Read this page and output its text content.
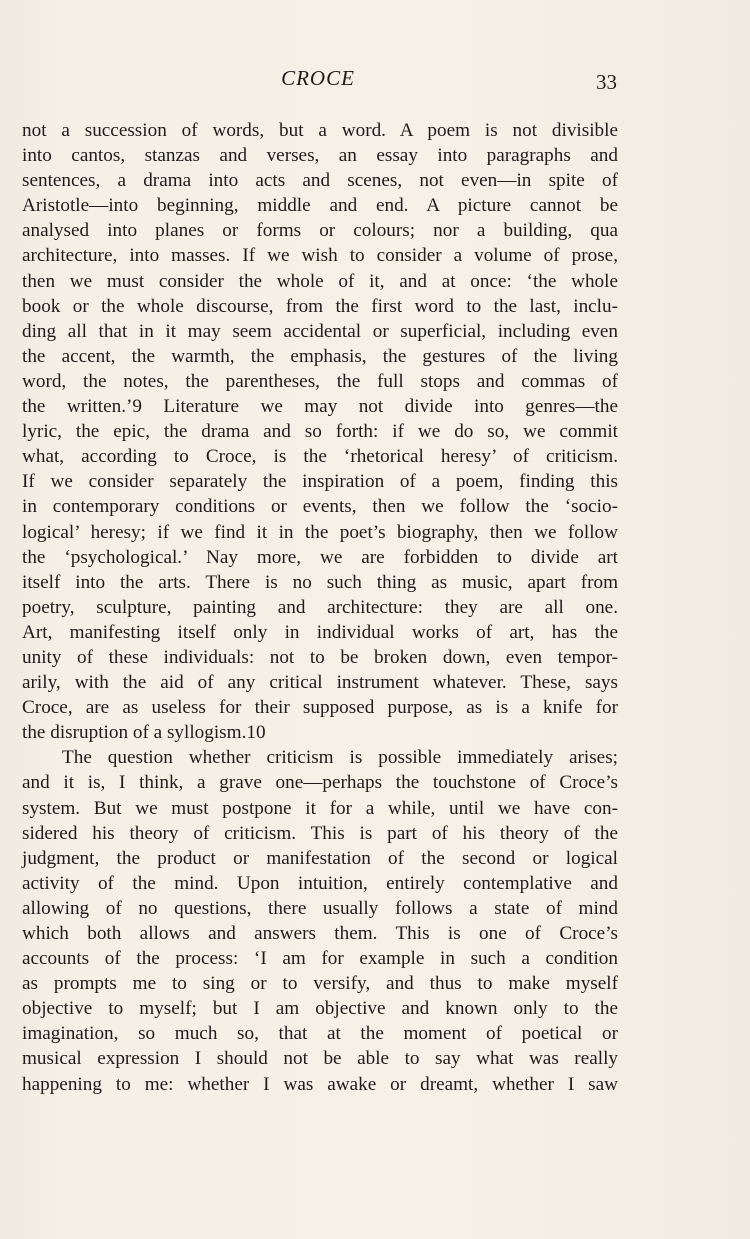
CROCE	33
not a succession of words, but a word. A poem is not divisible
into cantos, stanzas and verses, an essay into paragraphs and
sentences, a drama into acts and scenes, not even—in spite of
Aristotle—into beginning, middle and end. A picture cannot be
analysed into planes or forms or colours; nor a building, qua
architecture, into masses. If we wish to consider a volume of prose,
then we must consider the whole of it, and at once: ‘the whole
book or the whole discourse, from the first word to the last, inclu-
ding all that in it may seem accidental or superficial, including even
the accent, the warmth, the emphasis, the gestures of the living
word, the notes, the parentheses, the full stops and commas of
the written.’9 Literature we may not divide into genres—the
lyric, the epic, the drama and so forth: if we do so, we commit
what, according to Croce, is the ‘rhetorical heresy’ of criticism.
If we consider separately the inspiration of a poem, finding this
in contemporary conditions or events, then we follow the ‘socio-
logical’ heresy; if we find it in the poet’s biography, then we follow
the ‘psychological.’ Nay more, we are forbidden to divide art
itself into the arts. There is no such thing as music, apart from
poetry, sculpture, painting and architecture: they are all one.
Art, manifesting itself only in individual works of art, has the
unity of these individuals: not to be broken down, even tempor-
arily, with the aid of any critical instrument whatever. These, says
Croce, are as useless for their supposed purpose, as is a knife for
the disruption of a syllogism.10
The question whether criticism is possible immediately arises;
and it is, I think, a grave one—perhaps the touchstone of Croce’s
system. But we must postpone it for a while, until we have con-
sidered his theory of criticism. This is part of his theory of the
judgment, the product or manifestation of the second or logical
activity of the mind. Upon intuition, entirely contemplative and
allowing of no questions, there usually follows a state of mind
which both allows and answers them. This is one of Croce’s
accounts of the process: ‘I am for example in such a condition
as prompts me to sing or to versify, and thus to make myself
objective to myself; but I am objective and known only to the
imagination, so much so, that at the moment of poetical or
musical expression I should not be able to say what was really
happening to me: whether I was awake or dreamt, whether I saw
